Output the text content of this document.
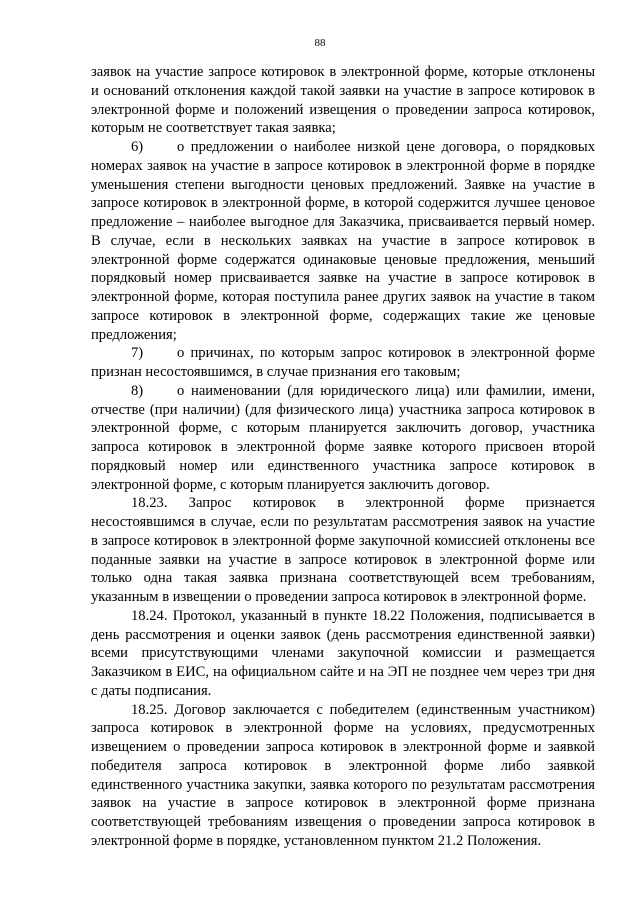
88

заявок на участие запросе котировок в электронной форме, которые отклонены и оснований отклонения каждой такой заявки на участие в запросе котировок в электронной форме и положений извещения о проведении запроса котировок, которым не соответствует такая заявка;

6) о предложении о наиболее низкой цене договора, о порядковых номерах заявок на участие в запросе котировок в электронной форме в порядке уменьшения степени выгодности ценовых предложений. Заявке на участие в запросе котировок в электронной форме, в которой содержится лучшее ценовое предложение – наиболее выгодное для Заказчика, присваивается первый номер. В случае, если в нескольких заявках на участие в запросе котировок в электронной форме содержатся одинаковые ценовые предложения, меньший порядковый номер присваивается заявке на участие в запросе котировок в электронной форме, которая поступила ранее других заявок на участие в таком запросе котировок в электронной форме, содержащих такие же ценовые предложения;

7) о причинах, по которым запрос котировок в электронной форме признан несостоявшимся, в случае признания его таковым;

8) о наименовании (для юридического лица) или фамилии, имени, отчестве (при наличии) (для физического лица) участника запроса котировок в электронной форме, с которым планируется заключить договор, участника запроса котировок в электронной форме заявке которого присвоен второй порядковый номер или единственного участника запросе котировок в электронной форме, с которым планируется заключить договор.

18.23. Запрос котировок в электронной форме признается несостоявшимся в случае, если по результатам рассмотрения заявок на участие в запросе котировок в электронной форме закупочной комиссией отклонены все поданные заявки на участие в запросе котировок в электронной форме или только одна такая заявка признана соответствующей всем требованиям, указанным в извещении о проведении запроса котировок в электронной форме.

18.24. Протокол, указанный в пункте 18.22 Положения, подписывается в день рассмотрения и оценки заявок (день рассмотрения единственной заявки) всеми присутствующими членами закупочной комиссии и размещается Заказчиком в ЕИС, на официальном сайте и на ЭП не позднее чем через три дня с даты подписания.

18.25. Договор заключается с победителем (единственным участником) запроса котировок в электронной форме на условиях, предусмотренных извещением о проведении запроса котировок в электронной форме и заявкой победителя запроса котировок в электронной форме либо заявкой единственного участника закупки, заявка которого по результатам рассмотрения заявок на участие в запросе котировок в электронной форме признана соответствующей требованиям извещения о проведении запроса котировок в электронной форме в порядке, установленном пунктом 21.2 Положения.
